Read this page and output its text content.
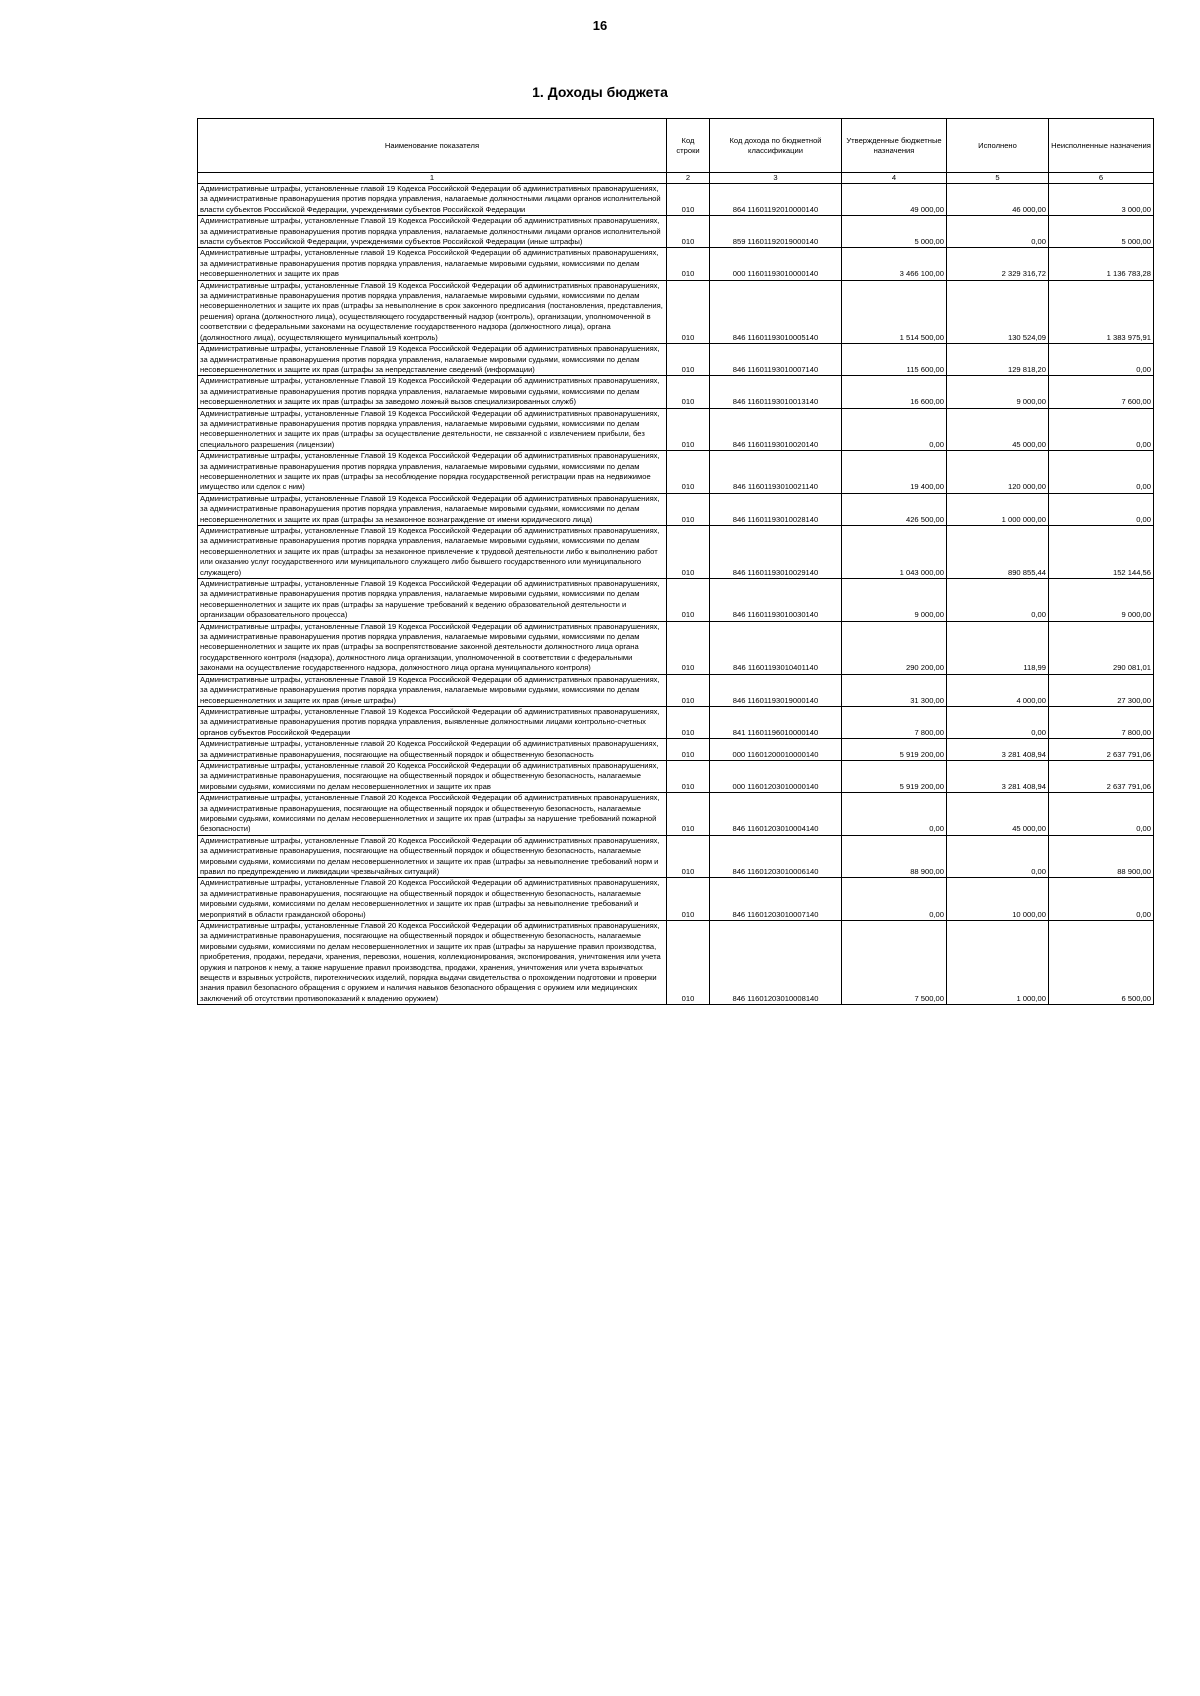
16
1. Доходы бюджета
Наименование показателя	Код строки	Код дохода по бюджетной классификации	Утвержденные бюджетные назначения	Исполнено	Неисполненные назначения
1	2	3	4	5	6
Административные штрафы, установленные главой 19 Кодекса Российской Федерации об административных правонарушениях, за административные правонарушения против порядка управления, налагаемые должностными лицами органов исполнительной власти субъектов Российской Федерации, учреждениями субъектов Российской Федерации	010	864 11601192010000140	49 000,00	46 000,00	3 000,00
Административные штрафы, установленные Главой 19 Кодекса Российской Федерации об административных правонарушениях, за административные правонарушения против порядка управления, налагаемые должностными лицами органов исполнительной власти субъектов Российской Федерации, учреждениями субъектов Российской Федерации (иные штрафы)	010	859 11601192019000140	5 000,00	0,00	5 000,00
Административные штрафы, установленные главой 19 Кодекса Российской Федерации об административных правонарушениях, за административные правонарушения против порядка управления, налагаемые мировыми судьями, комиссиями по делам несовершеннолетних и защите их прав	010	000 11601193010000140	3 466 100,00	2 329 316,72	1 136 783,28
Административные штрафы, установленные Главой 19 Кодекса Российской Федерации об административных правонарушениях, за административные правонарушения против порядка управления, налагаемые мировыми судьями, комиссиями по делам несовершеннолетних и защите их прав (штрафы за невыполнение в срок законного предписания (постановления, представления, решения) органа (должностного лица), осуществляющего государственный надзор (контроль), организации, уполномоченной в соответствии с федеральными законами на осуществление государственного надзора (должностного лица), органа (должностного лица), осуществляющего муниципальный контроль)	010	846 11601193010005140	1 514 500,00	130 524,09	1 383 975,91
Административные штрафы, установленные Главой 19 Кодекса Российской Федерации об административных правонарушениях, за административные правонарушения против порядка управления, налагаемые мировыми судьями, комиссиями по делам несовершеннолетних и защите их прав (штрафы за непредставление сведений (информации)	010	846 11601193010007140	115 600,00	129 818,20	0,00
Административные штрафы, установленные Главой 19 Кодекса Российской Федерации об административных правонарушениях, за административные правонарушения против порядка управления, налагаемые мировыми судьями, комиссиями по делам несовершеннолетних и защите их прав (штрафы за заведомо ложный вызов специализированных служб)	010	846 11601193010013140	16 600,00	9 000,00	7 600,00
Административные штрафы, установленные Главой 19 Кодекса Российской Федерации об административных правонарушениях, за административные правонарушения против порядка управления, налагаемые мировыми судьями, комиссиями по делам несовершеннолетних и защите их прав (штрафы за осуществление деятельности, не связанной с извлечением прибыли, без специального разрешения (лицензии)	010	846 11601193010020140	0,00	45 000,00	0,00
Административные штрафы, установленные Главой 19 Кодекса Российской Федерации об административных правонарушениях, за административные правонарушения против порядка управления, налагаемые мировыми судьями, комиссиями по делам несовершеннолетних и защите их прав (штрафы за несоблюдение порядка государственной регистрации прав на недвижимое имущество или сделок с ним)	010	846 11601193010021140	19 400,00	120 000,00	0,00
Административные штрафы, установленные Главой 19 Кодекса Российской Федерации об административных правонарушениях, за административные правонарушения против порядка управления, налагаемые мировыми судьями, комиссиями по делам несовершеннолетних и защите их прав (штрафы за незаконное вознаграждение от имени юридического лица)	010	846 11601193010028140	426 500,00	1 000 000,00	0,00
Административные штрафы, установленные Главой 19 Кодекса Российской Федерации об административных правонарушениях, за административные правонарушения против порядка управления, налагаемые мировыми судьями, комиссиями по делам несовершеннолетних и защите их прав (штрафы за незаконное привлечение к трудовой деятельности либо к выполнению работ или оказанию услуг государственного или муниципального служащего либо бывшего государственного или муниципального служащего)	010	846 11601193010029140	1 043 000,00	890 855,44	152 144,56
Административные штрафы, установленные Главой 19 Кодекса Российской Федерации об административных правонарушениях, за административные правонарушения против порядка управления, налагаемые мировыми судьями, комиссиями по делам несовершеннолетних и защите их прав (штрафы за нарушение требований к ведению образовательной деятельности и организации образовательного процесса)	010	846 11601193010030140	9 000,00	0,00	9 000,00
Административные штрафы, установленные Главой 19 Кодекса Российской Федерации об административных правонарушениях, за административные правонарушения против порядка управления, налагаемые мировыми судьями, комиссиями по делам несовершеннолетних и защите их прав (штрафы за воспрепятствование законной деятельности должностного лица органа государственного контроля (надзора), должностного лица организации, уполномоченной в соответствии с федеральными законами на осуществление государственного надзора, должностного лица органа муниципального контроля)	010	846 11601193010401140	290 200,00	118,99	290 081,01
Административные штрафы, установленные Главой 19 Кодекса Российской Федерации об административных правонарушениях, за административные правонарушения против порядка управления, налагаемые мировыми судьями, комиссиями по делам несовершеннолетних и защите их прав (иные штрафы)	010	846 11601193019000140	31 300,00	4 000,00	27 300,00
Административные штрафы, установленные Главой 19 Кодекса Российской Федерации об административных правонарушениях, за административные правонарушения против порядка управления, выявленные должностными лицами контрольно-счетных органов субъектов Российской Федерации	010	841 11601196010000140	7 800,00	0,00	7 800,00
Административные штрафы, установленные главой 20 Кодекса Российской Федерации об административных правонарушениях, за административные правонарушения, посягающие на общественный порядок и общественную безопасность	010	000 11601200010000140	5 919 200,00	3 281 408,94	2 637 791,06
Административные штрафы, установленные главой 20 Кодекса Российской Федерации об административных правонарушениях, за административные правонарушения, посягающие на общественный порядок и общественную безопасность, налагаемые мировыми судьями, комиссиями по делам несовершеннолетних и защите их прав	010	000 11601203010000140	5 919 200,00	3 281 408,94	2 637 791,06
Административные штрафы, установленные Главой 20 Кодекса Российской Федерации об административных правонарушениях, за административные правонарушения, посягающие на общественный порядок и общественную безопасность, налагаемые мировыми судьями, комиссиями по делам несовершеннолетних и защите их прав (штрафы за нарушение требований пожарной безопасности)	010	846 11601203010004140	0,00	45 000,00	0,00
Административные штрафы, установленные Главой 20 Кодекса Российской Федерации об административных правонарушениях, за административные правонарушения, посягающие на общественный порядок и общественную безопасность, налагаемые мировыми судьями, комиссиями по делам несовершеннолетних и защите их прав (штрафы за невыполнение требований норм и правил по предупреждению и ликвидации чрезвычайных ситуаций)	010	846 11601203010006140	88 900,00	0,00	88 900,00
Административные штрафы, установленные Главой 20 Кодекса Российской Федерации об административных правонарушениях, за административные правонарушения, посягающие на общественный порядок и общественную безопасность, налагаемые мировыми судьями, комиссиями по делам несовершеннолетних и защите их прав (штрафы за невыполнение требований и мероприятий в области гражданской обороны)	010	846 11601203010007140	0,00	10 000,00	0,00
Административные штрафы, установленные Главой 20 Кодекса Российской Федерации об административных правонарушениях, за административные правонарушения, посягающие на общественный порядок и общественную безопасность, налагаемые мировыми судьями, комиссиями по делам несовершеннолетних и защите их прав (штрафы за нарушение правил производства, приобретения, продажи, передачи, хранения, перевозки, ношения, коллекционирования, экспонирования, уничтожения или учета оружия и патронов к нему, а также нарушение правил производства, продажи, хранения, уничтожения или учета взрывчатых веществ и взрывных устройств, пиротехнических изделий, порядка выдачи свидетельства о прохождении подготовки и проверки знания правил безопасного обращения с оружием и наличия навыков безопасного обращения с оружием или медицинских заключений об отсутствии противопоказаний к владению оружием)	010	846 11601203010008140	7 500,00	1 000,00	6 500,00
